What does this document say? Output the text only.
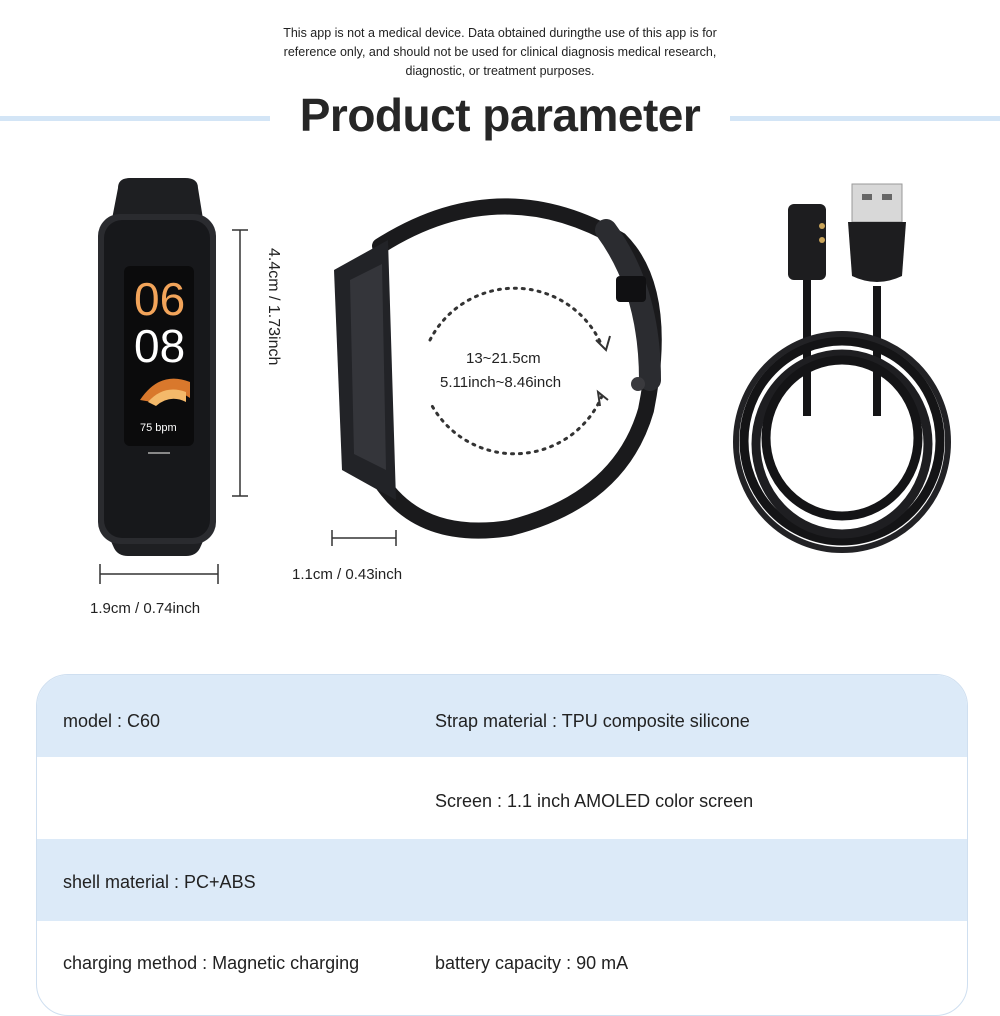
This app is not a medical device. Data obtained duringthe use of this app is for
reference only, and should not be used for clinical diagnosis medical research,
diagnostic, or treatment purposes.
Product parameter
06
08
75 bpm
4.4cm / 1.73inch
1.9cm / 0.74inch
13~21.5cm
5.11inch~8.46inch
1.1cm / 0.43inch
model : C60	Strap material : TPU composite silicone
Screen : 1.1 inch AMOLED color screen
shell material : PC+ABS
charging method : Magnetic charging	battery capacity : 90 mA
